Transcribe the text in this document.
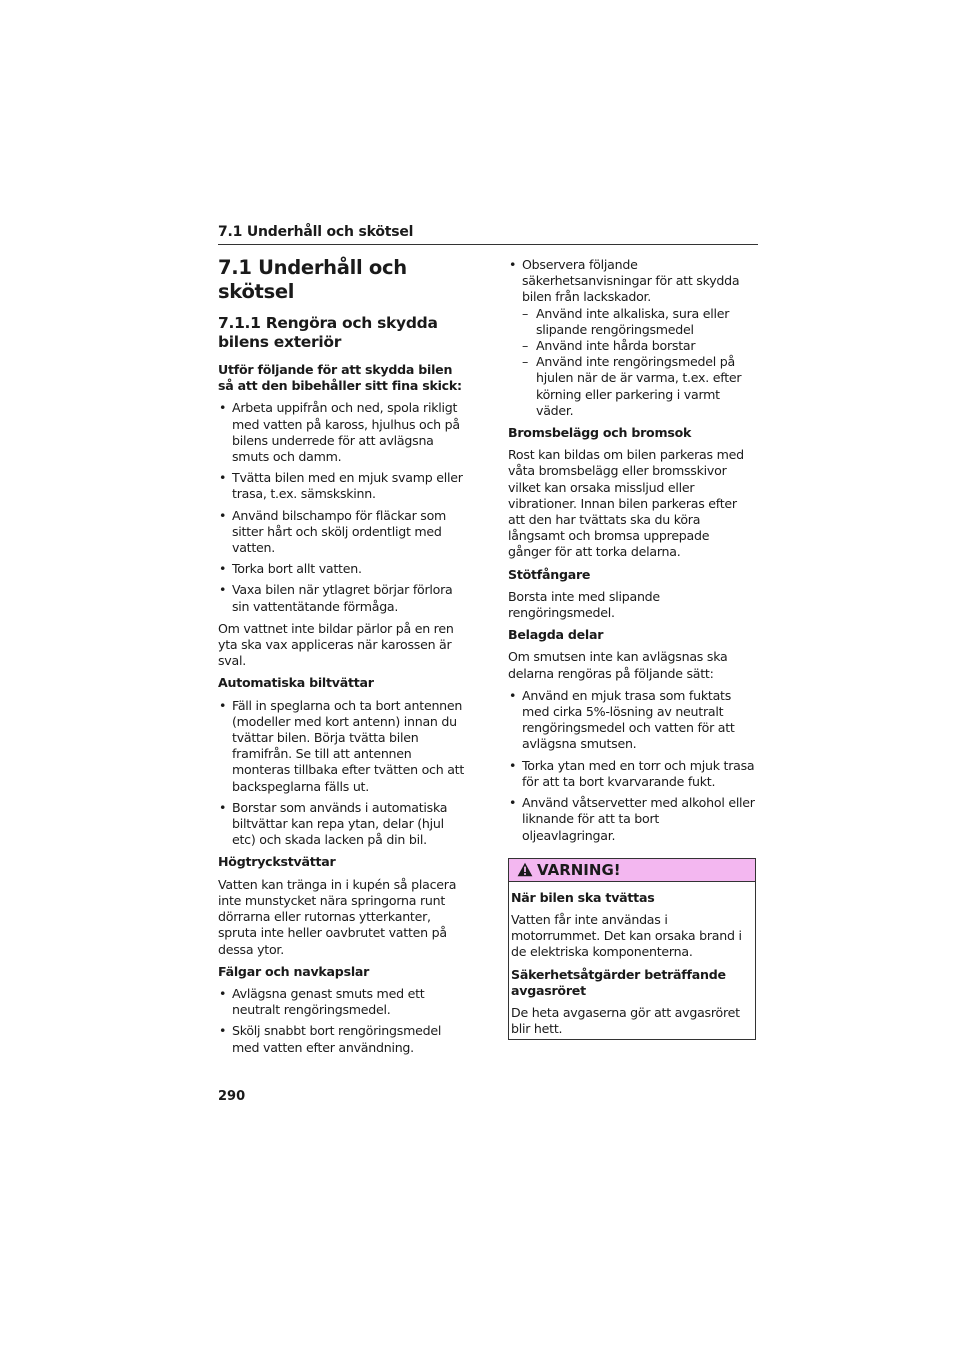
7.1 Underhåll och skötsel
7.1 Underhåll och skötsel
7.1.1 Rengöra och skydda bilens exteriör

Utför följande för att skydda bilen så att den bibehåller sitt fina skick:

• Arbeta uppifrån och ned, spola rikligt med vatten på kaross, hjulhus och på bilens underrede för att avlägsna smuts och damm.
• Tvätta bilen med en mjuk svamp eller trasa, t.ex. sämskskinn.
• Använd bilschampo för fläckar som sitter hårt och skölj ordentligt med vatten.
• Torka bort allt vatten.
• Vaxa bilen när ytlagret börjar förlora sin vattentätande förmåga.

Om vattnet inte bildar pärlor på en ren yta ska vax appliceras när karossen är sval.

Automatiska biltvättar

• Fäll in speglarna och ta bort antennen (modeller med kort antenn) innan du tvättar bilen. Börja tvätta bilen framifrån. Se till att antennen monteras tillbaka efter tvätten och att backspeglarna fälls ut.
• Borstar som används i automatiska biltvättar kan repa ytan, delar (hjul etc) och skada lacken på din bil.

Högtryckstvättar

Vatten kan tränga in i kupén så placera inte munstycket nära springorna runt dörrarna eller rutornas ytterkanter, spruta inte heller oavbrutet vatten på dessa ytor.

Fälgar och navkapslar

• Avlägsna genast smuts med ett neutralt rengöringsmedel.
• Skölj snabbt bort rengöringsmedel med vatten efter användning.
• Observera följande säkerhetsanvisningar för att skydda bilen från lackskador.
– Använd inte alkaliska, sura eller slipande rengöringsmedel
– Använd inte hårda borstar
– Använd inte rengöringsmedel på hjulen när de är varma, t.ex. efter körning eller parkering i varmt väder.

Bromsbelägg och bromsok

Rost kan bildas om bilen parkeras med våta bromsbelägg eller bromsskivor vilket kan orsaka missljud eller vibrationer. Innan bilen parkeras efter att den har tvättats ska du köra långsamt och bromsa upprepade gånger för att torka delarna.

Stötfångare

Borsta inte med slipande rengöringsmedel.

Belagda delar

Om smutsen inte kan avlägsnas ska delarna rengöras på följande sätt:

• Använd en mjuk trasa som fuktats med cirka 5%-lösning av neutralt rengöringsmedel och vatten för att avlägsna smutsen.
• Torka ytan med en torr och mjuk trasa för att ta bort kvarvarande fukt.
• Använd våtservetter med alkohol eller liknande för att ta bort oljeavlagringar.
VARNING!

När bilen ska tvättas

Vatten får inte användas i motorrummet. Det kan orsaka brand i de elektriska komponenterna.

Säkerhetsåtgärder beträffande avgasröret

De heta avgaserna gör att avgasröret blir hett.

290
